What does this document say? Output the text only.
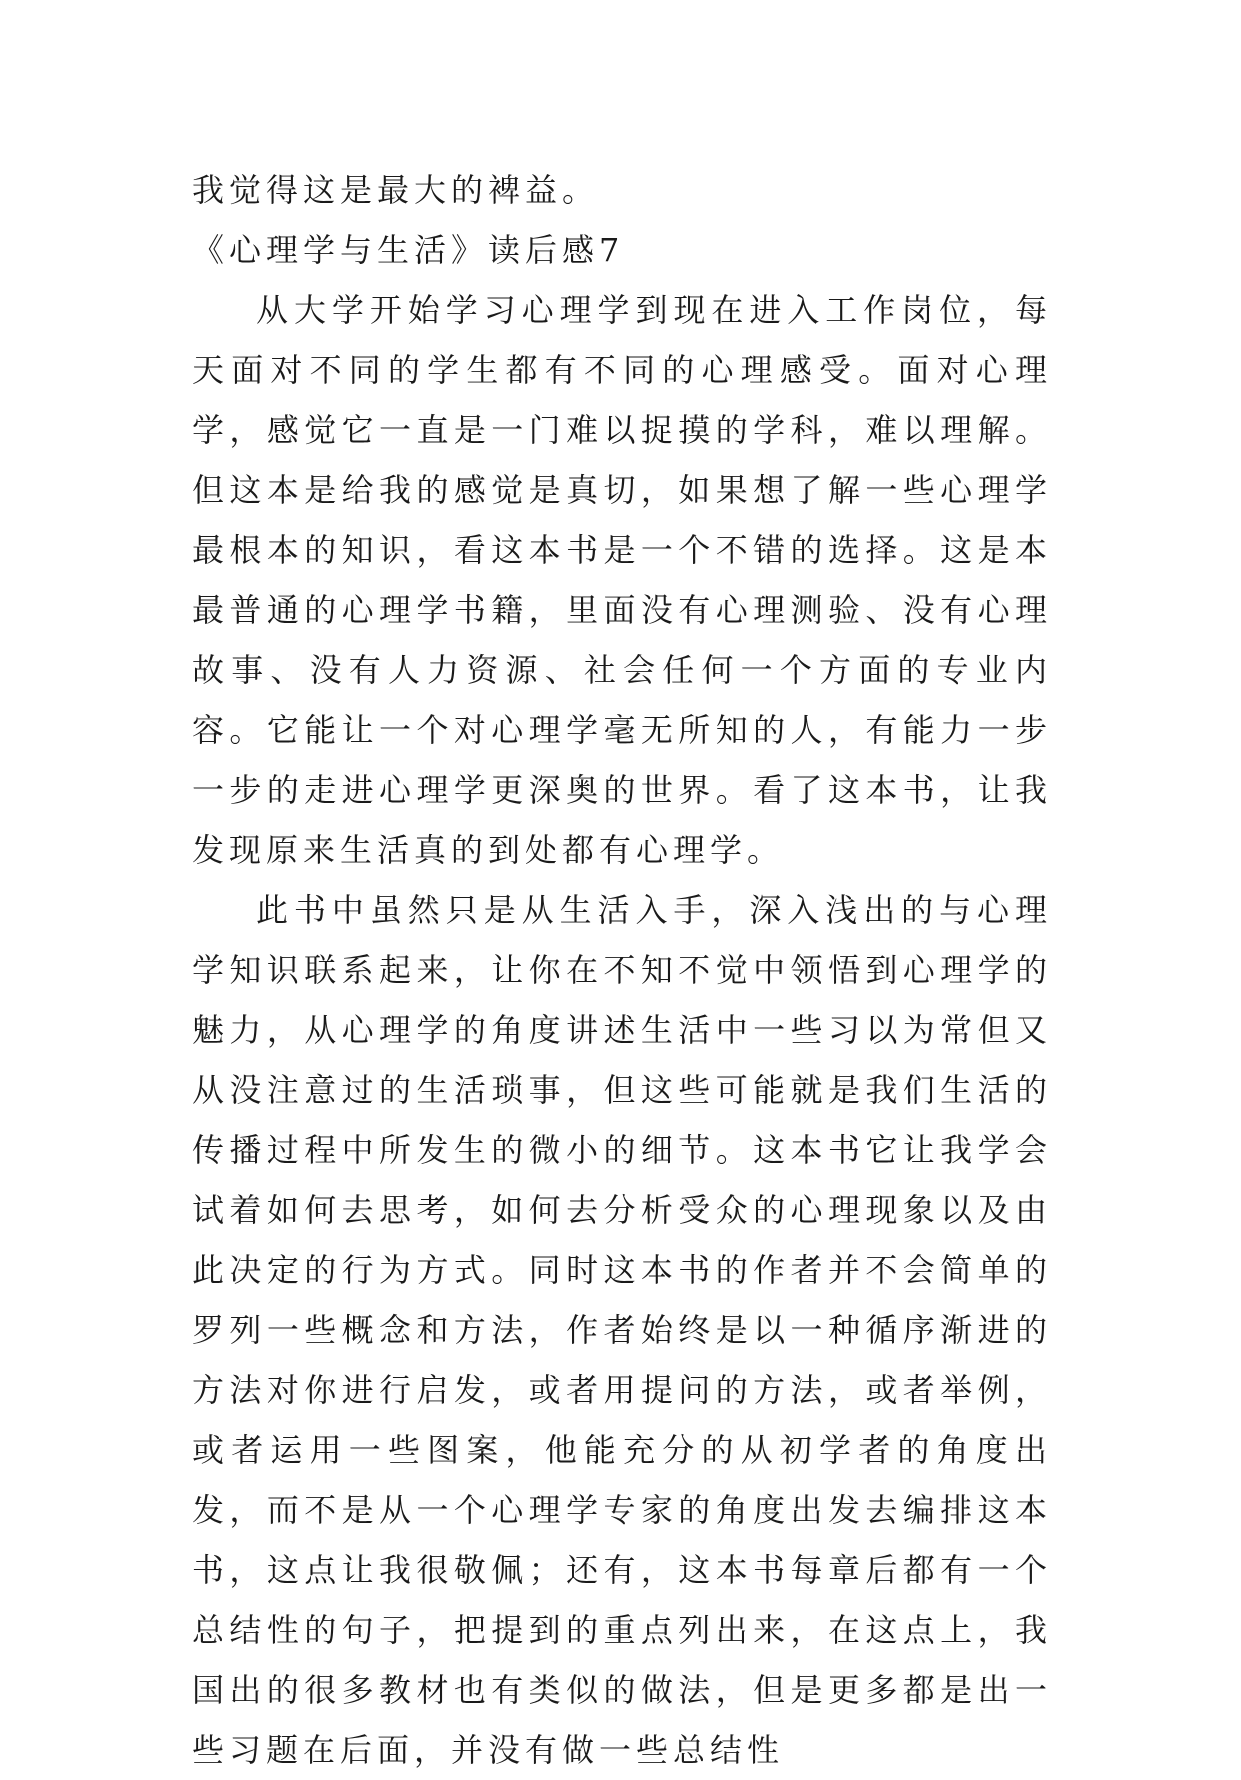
我觉得这是最大的裨益。

《心理学与生活》读后感7

从大学开始学习心理学到现在进入工作岗位，每天面对不同的学生都有不同的心理感受。面对心理学，感觉它一直是一门难以捉摸的学科，难以理解。但这本是给我的感觉是真切，如果想了解一些心理学最根本的知识，看这本书是一个不错的选择。这是本最普通的心理学书籍，里面没有心理测验、没有心理故事、没有人力资源、社会任何一个方面的专业内容。它能让一个对心理学毫无所知的人，有能力一步一步的走进心理学更深奥的世界。看了这本书，让我发现原来生活真的到处都有心理学。

此书中虽然只是从生活入手，深入浅出的与心理学知识联系起来，让你在不知不觉中领悟到心理学的魅力，从心理学的角度讲述生活中一些习以为常但又从没注意过的生活琐事，但这些可能就是我们生活的传播过程中所发生的微小的细节。这本书它让我学会试着如何去思考，如何去分析受众的心理现象以及由此决定的行为方式。同时这本书的作者并不会简单的罗列一些概念和方法，作者始终是以一种循序渐进的方法对你进行启发，或者用提问的方法，或者举例，或者运用一些图案，他能充分的从初学者的角度出发，而不是从一个心理学专家的角度出发去编排这本书，这点让我很敬佩；还有，这本书每章后都有一个总结性的句子，把提到的重点列出来，在这点上，我国出的很多教材也有类似的做法，但是更多都是出一些习题在后面，并没有做一些总结性
